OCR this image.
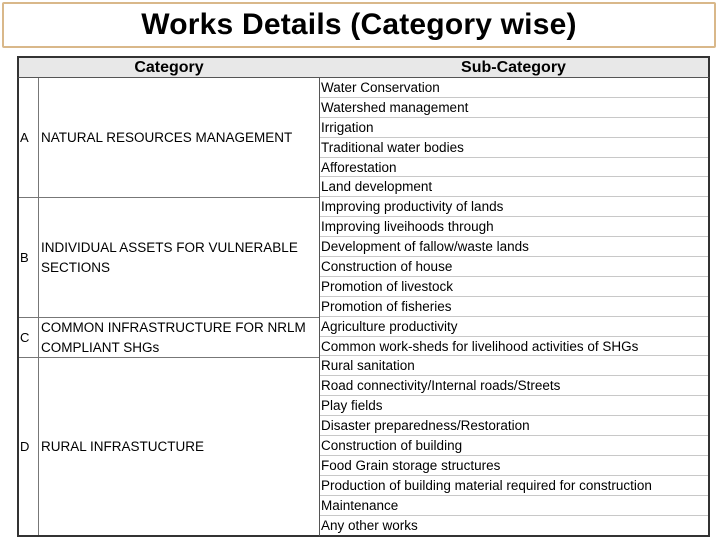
Works Details (Category wise)
Category	Sub-Category
A NATURAL RESOURCES MANAGEMENT
B
INDIVIDUAL ASSETS FOR VULNERABLE SECTIONS
C
COMMON INFRASTRUCTURE FOR NRLM COMPLIANT SHGs
D RURAL INFRASTUCTURE
Water Conservation
Watershed management
Irrigation
Traditional water bodies
Afforestation
Land development
Improving productivity of lands
Improving liveihoods through
Development of fallow/waste lands
Construction of house
Promotion of livestock
Promotion of fisheries
Agriculture productivity
Common work-sheds for livelihood activities of SHGs
Rural sanitation
Road connectivity/Internal roads/Streets
Play fields
Disaster preparedness/Restoration
Construction of building
Food Grain storage structures
Production of building material required for construction
Maintenance
Any other works
